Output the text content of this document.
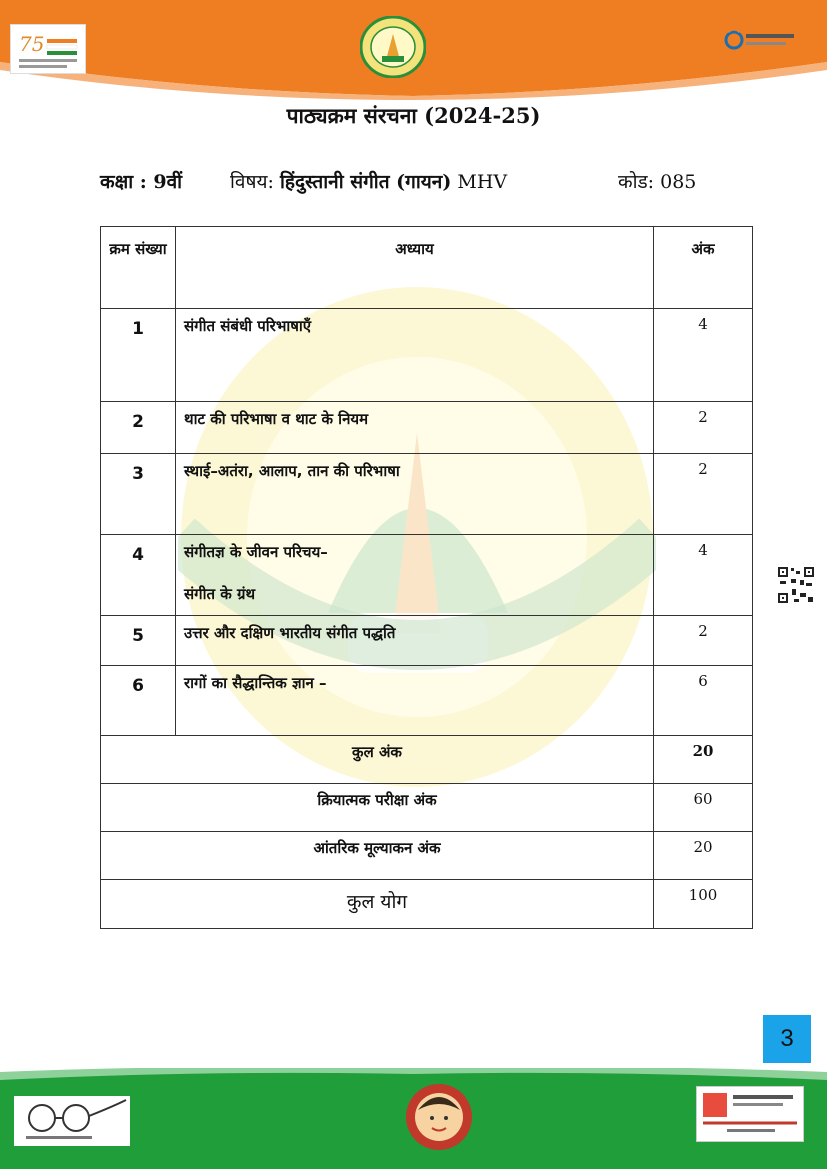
75
पाठ्यक्रम संरचना (2024-25)
कक्षा : 9वीं	विषय: हिंदुस्तानी संगीत (गायन) MHV	कोड: 085
क्रम संख्या	अध्याय	अंक
1	संगीत संबंधी परिभाषाएँ	4
2	थाट की परिभाषा व थाट के नियम	2
3	स्थाई–अतंरा, आलाप, तान की परिभाषा	2
4	संगीतज्ञ के जीवन परिचय–
संगीत के ग्रंथ	4
5	उत्तर और दक्षिण भारतीय संगीत पद्धति	2
6	रागों का सैद्धान्तिक ज्ञान –	6
कुल अंक		20
क्रियात्मक परीक्षा अंक		60
आंतरिक मूल्याकन अंक		20
कुल योग		100
3
